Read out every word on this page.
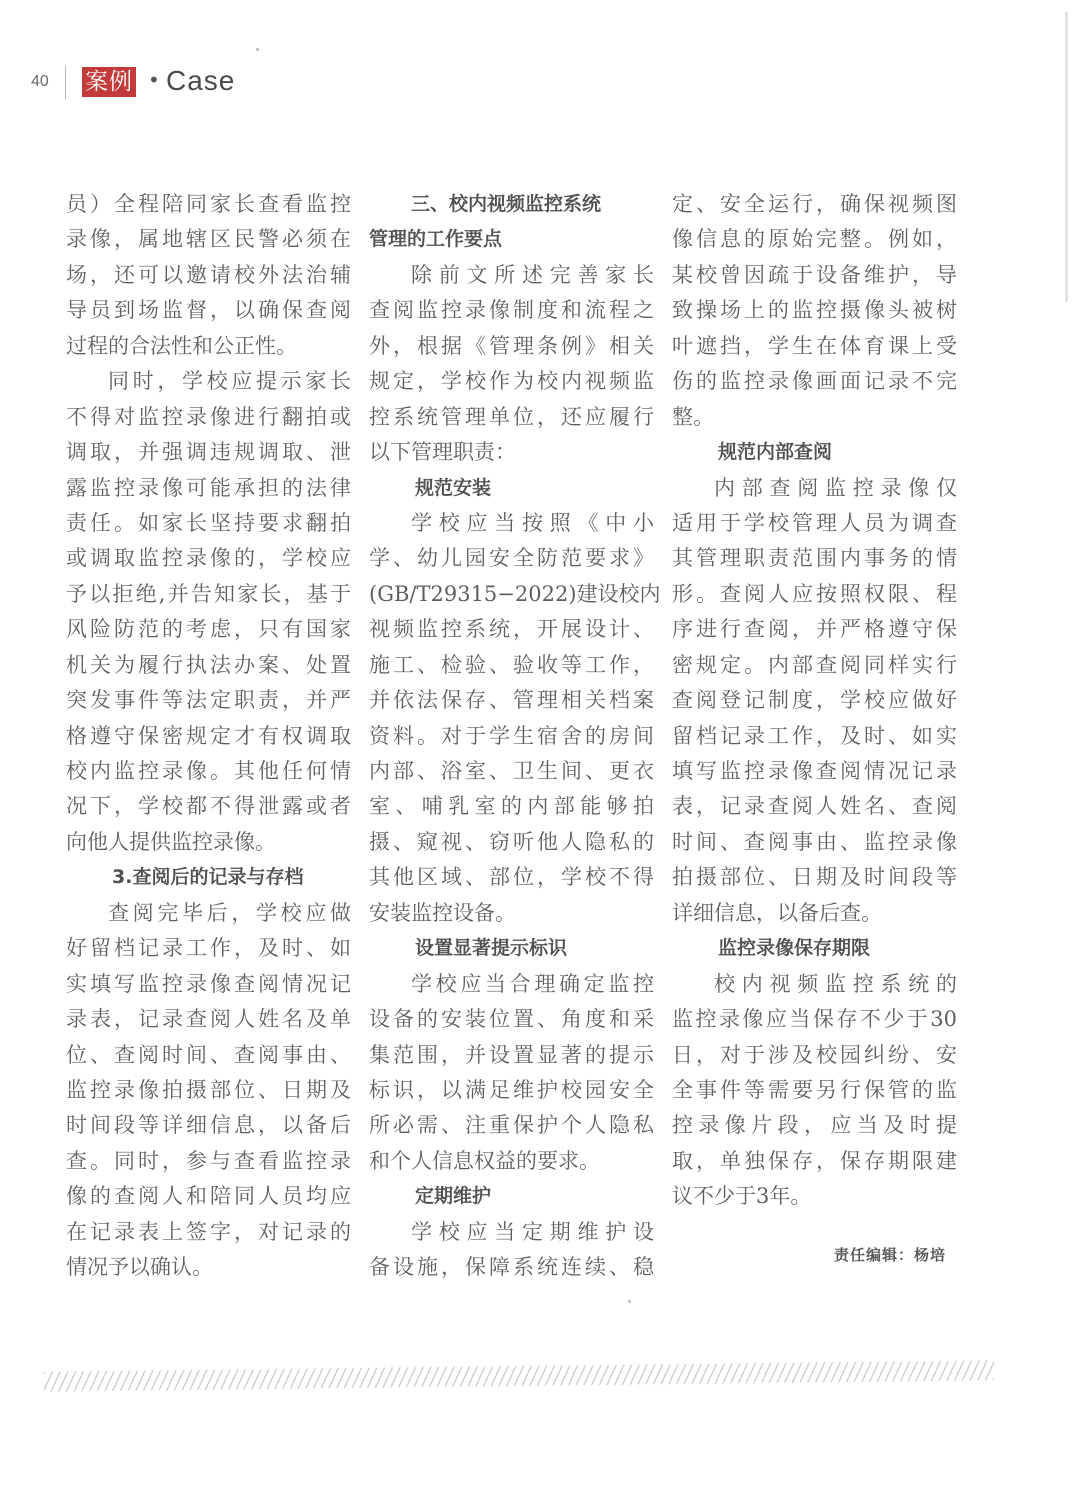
40 案例 • Case
员）全程陪同家长查看监控
录像，属地辖区民警必须在
场，还可以邀请校外法治辅
导员到场监督，以确保查阅
过程的合法性和公正性。
同时，学校应提示家长
不得对监控录像进行翻拍或
调取，并强调违规调取、泄
露监控录像可能承担的法律
责任。如家长坚持要求翻拍
或调取监控录像的，学校应
予以拒绝,并告知家长，基于
风险防范的考虑，只有国家
机关为履行执法办案、处置
突发事件等法定职责，并严
格遵守保密规定才有权调取
校内监控录像。其他任何情
况下，学校都不得泄露或者
向他人提供监控录像。
3.查阅后的记录与存档
查阅完毕后，学校应做
好留档记录工作，及时、如
实填写监控录像查阅情况记
录表，记录查阅人姓名及单
位、查阅时间、查阅事由、
监控录像拍摄部位、日期及
时间段等详细信息，以备后
查。同时，参与查看监控录
像的查阅人和陪同人员均应
在记录表上签字，对记录的
情况予以确认。
三、校内视频监控系统
管理的工作要点
除前文所述完善家长
查阅监控录像制度和流程之
外，根据《管理条例》相关
规定，学校作为校内视频监
控系统管理单位，还应履行
以下管理职责：
规范安装
学校应当按照《中小
学、幼儿园安全防范要求》
(GB/T29315−2022)建设校内
视频监控系统，开展设计、
施工、检验、验收等工作，
并依法保存、管理相关档案
资料。对于学生宿舍的房间
内部、浴室、卫生间、更衣
室、哺乳室的内部能够拍
摄、窥视、窃听他人隐私的
其他区域、部位，学校不得
安装监控设备。
设置显著提示标识
学校应当合理确定监控
设备的安装位置、角度和采
集范围，并设置显著的提示
标识，以满足维护校园安全
所必需、注重保护个人隐私
和个人信息权益的要求。
定期维护
学校应当定期维护设
备设施，保障系统连续、稳
定、安全运行，确保视频图
像信息的原始完整。例如，
某校曾因疏于设备维护，导
致操场上的监控摄像头被树
叶遮挡，学生在体育课上受
伤的监控录像画面记录不完
整。
规范内部查阅
内部查阅监控录像仅
适用于学校管理人员为调查
其管理职责范围内事务的情
形。查阅人应按照权限、程
序进行查阅，并严格遵守保
密规定。内部查阅同样实行
查阅登记制度，学校应做好
留档记录工作，及时、如实
填写监控录像查阅情况记录
表，记录查阅人姓名、查阅
时间、查阅事由、监控录像
拍摄部位、日期及时间段等
详细信息，以备后查。
监控录像保存期限
校内视频监控系统的
监控录像应当保存不少于30
日，对于涉及校园纠纷、安
全事件等需要另行保管的监
控录像片段，应当及时提
取，单独保存，保存期限建
议不少于3年。
责任编辑：杨培
